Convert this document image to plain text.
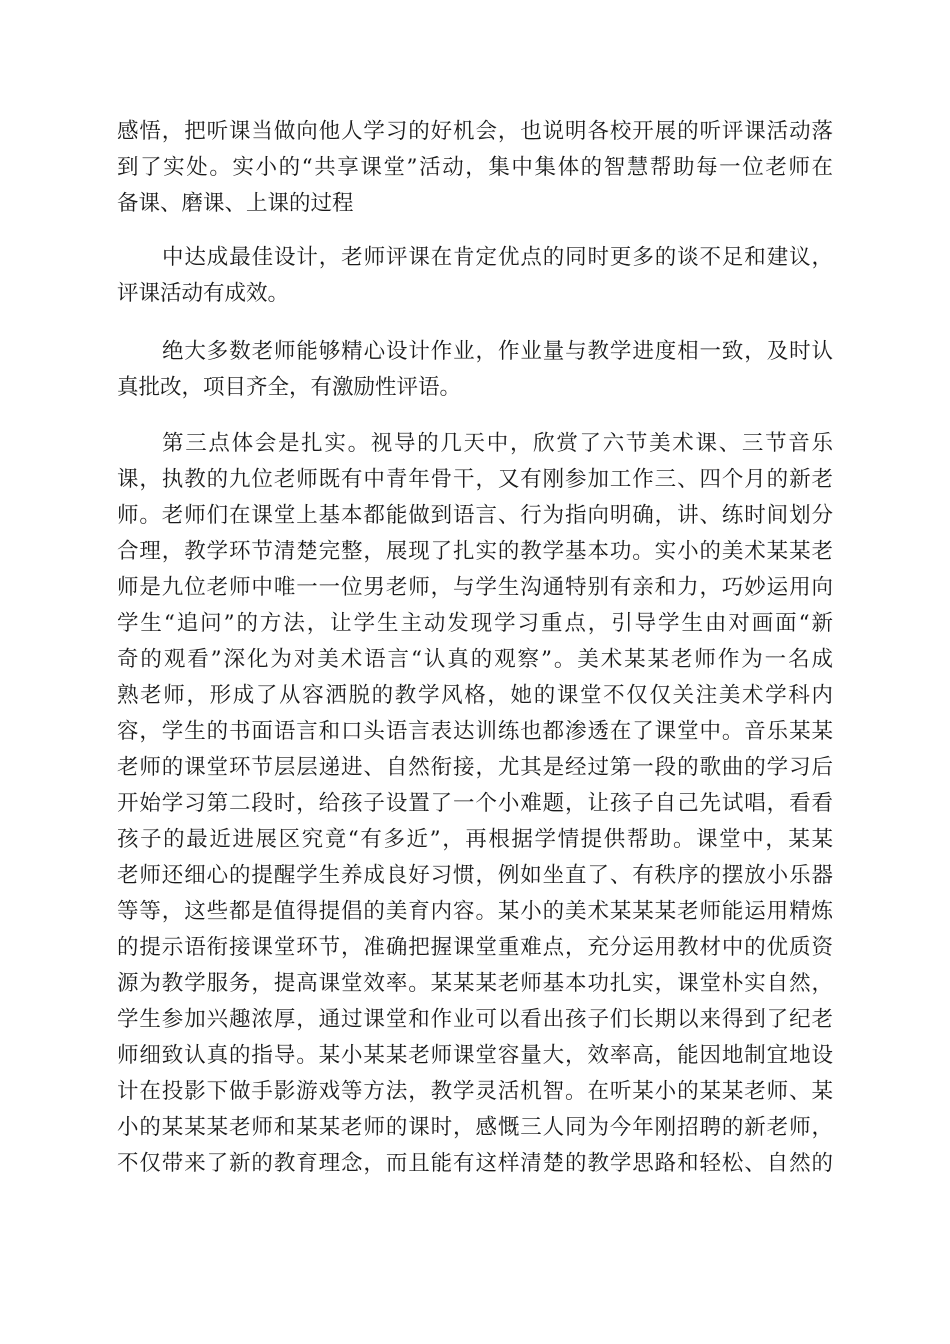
感悟，把听课当做向他人学习的好机会，也说明各校开展的听评课活动落
到了实处。实小的“共享课堂”活动，集中集体的智慧帮助每一位老师在
备课、磨课、上课的过程
中达成最佳设计，老师评课在肯定优点的同时更多的谈不足和建议，
评课活动有成效。
绝大多数老师能够精心设计作业，作业量与教学进度相一致，及时认
真批改，项目齐全，有激励性评语。
第三点体会是扎实。视导的几天中，欣赏了六节美术课、三节音乐
课，执教的九位老师既有中青年骨干，又有刚参加工作三、四个月的新老
师。老师们在课堂上基本都能做到语言、行为指向明确，讲、练时间划分
合理，教学环节清楚完整，展现了扎实的教学基本功。实小的美术某某老
师是九位老师中唯一一位男老师，与学生沟通特别有亲和力，巧妙运用向
学生“追问”的方法，让学生主动发现学习重点，引导学生由对画面“新
奇的观看”深化为对美术语言“认真的观察”。美术某某老师作为一名成
熟老师，形成了从容洒脱的教学风格，她的课堂不仅仅关注美术学科内
容，学生的书面语言和口头语言表达训练也都渗透在了课堂中。音乐某某
老师的课堂环节层层递进、自然衔接，尤其是经过第一段的歌曲的学习后
开始学习第二段时，给孩子设置了一个小难题，让孩子自己先试唱，看看
孩子的最近进展区究竟“有多近”，再根据学情提供帮助。课堂中，某某
老师还细心的提醒学生养成良好习惯，例如坐直了、有秩序的摆放小乐器
等等，这些都是值得提倡的美育内容。某小的美术某某某老师能运用精炼
的提示语衔接课堂环节，准确把握课堂重难点，充分运用教材中的优质资
源为教学服务，提高课堂效率。某某某老师基本功扎实，课堂朴实自然，
学生参加兴趣浓厚，通过课堂和作业可以看出孩子们长期以来得到了纪老
师细致认真的指导。某小某某老师课堂容量大，效率高，能因地制宜地设
计在投影下做手影游戏等方法，教学灵活机智。在听某小的某某老师、某
小的某某某老师和某某老师的课时，感慨三人同为今年刚招聘的新老师，
不仅带来了新的教育理念，而且能有这样清楚的教学思路和轻松、自然的
